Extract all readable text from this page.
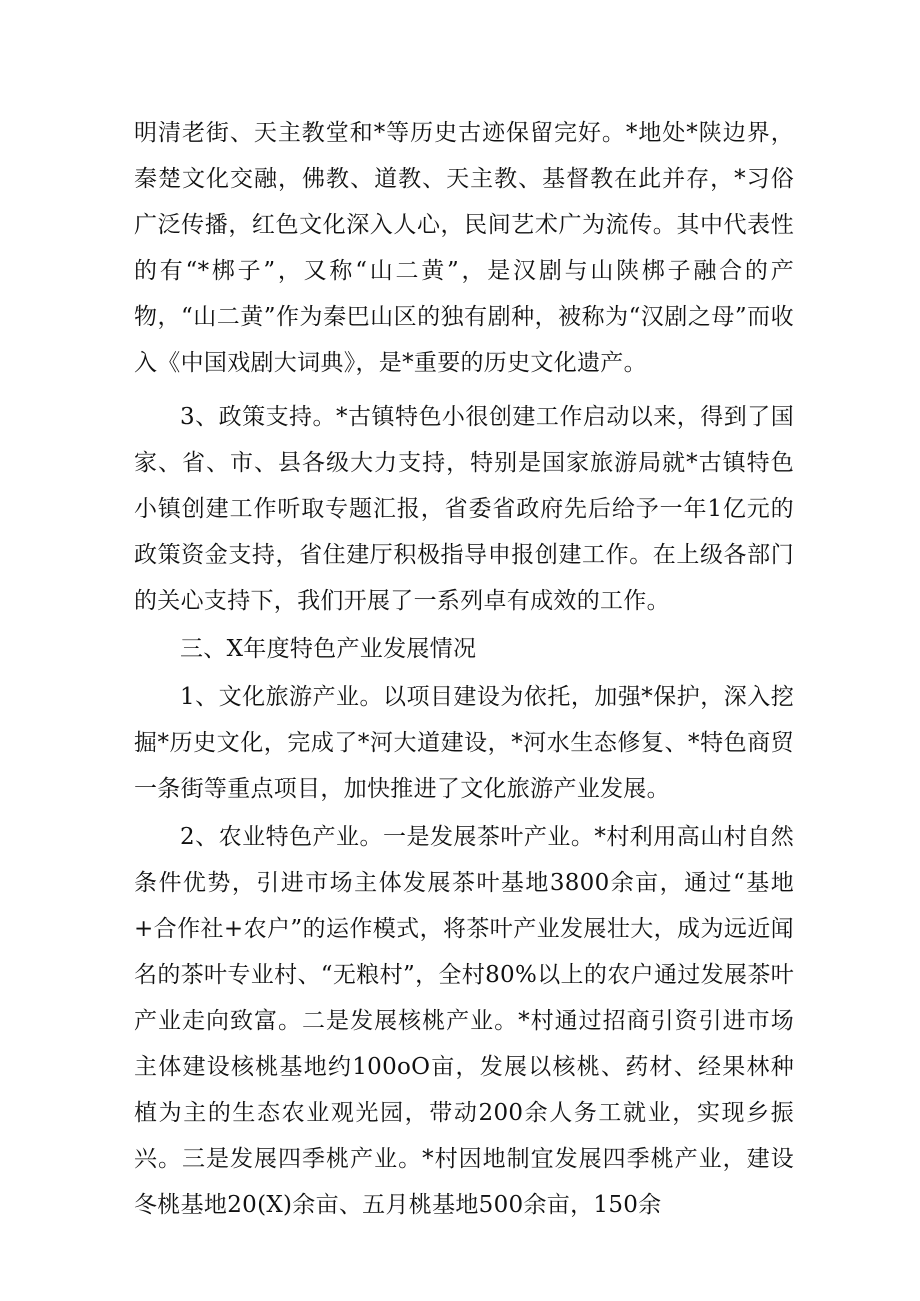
明清老街、天主教堂和*等历史古迹保留完好。*地处*陕边界，秦楚文化交融，佛教、道教、天主教、基督教在此并存，*习俗广泛传播，红色文化深入人心，民间艺术广为流传。其中代表性的有“*梆子”，又称“山二黄”，是汉剧与山陕梆子融合的产物，“山二黄”作为秦巴山区的独有剧种，被称为“汉剧之母”而收入《中国戏剧大词典》，是*重要的历史文化遗产。

3、政策支持。*古镇特色小很创建工作启动以来，得到了国家、省、市、县各级大力支持，特别是国家旅游局就*古镇特色小镇创建工作听取专题汇报，省委省政府先后给予一年1亿元的政策资金支持，省住建厅积极指导申报创建工作。在上级各部门的关心支持下，我们开展了一系列卓有成效的工作。

三、X年度特色产业发展情况

1、文化旅游产业。以项目建设为依托，加强*保护，深入挖掘*历史文化，完成了*河大道建设，*河水生态修复、*特色商贸一条街等重点项目，加快推进了文化旅游产业发展。

2、农业特色产业。一是发展茶叶产业。*村利用高山村自然条件优势，引进市场主体发展茶叶基地3800余亩，通过“基地+合作社+农户”的运作模式，将茶叶产业发展壮大，成为远近闻名的茶叶专业村、“无粮村”，全村80%以上的农户通过发展茶叶产业走向致富。二是发展核桃产业。*村通过招商引资引进市场主体建设核桃基地约100oO亩，发展以核桃、药材、经果林种植为主的生态农业观光园，带动200余人务工就业，实现乡振兴。三是发展四季桃产业。*村因地制宜发展四季桃产业，建设冬桃基地20(X)余亩、五月桃基地500余亩，150余
